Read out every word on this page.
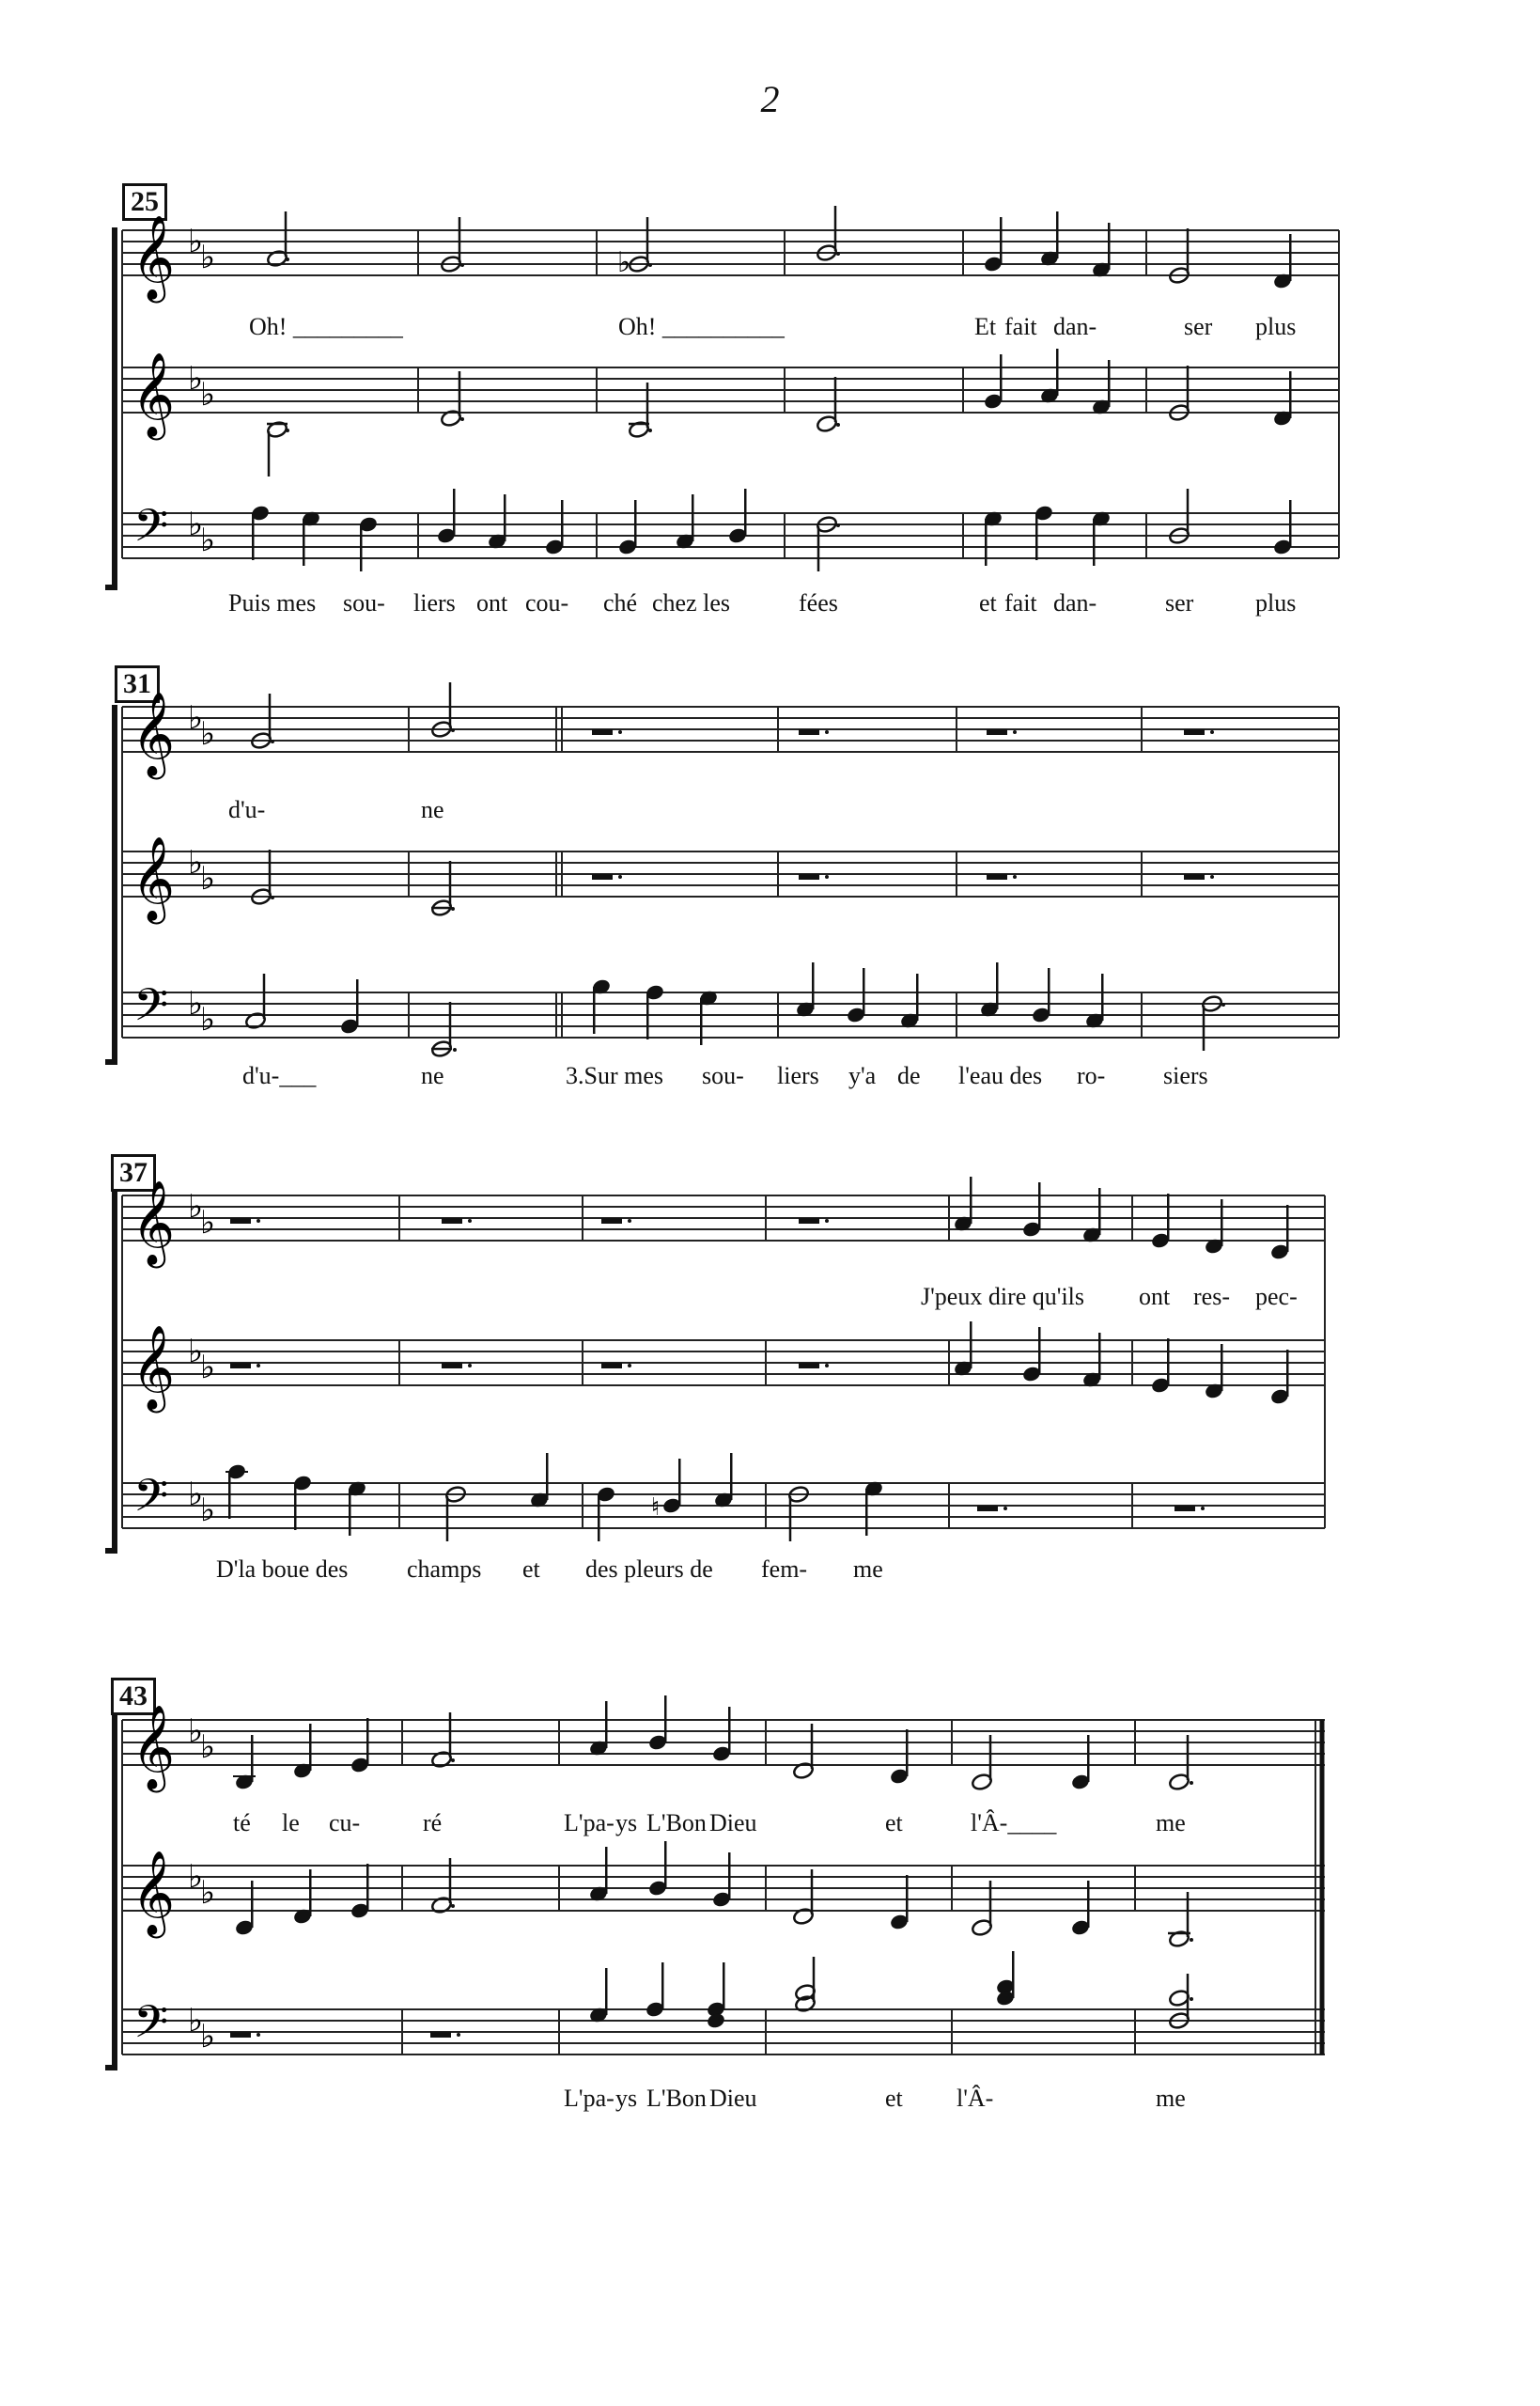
2
25
𝄞
𝄞
𝄢
♭
♭
♭
♭
♭
♭
♭
Oh! _________	Oh! __________	Et fait dan-	ser plus
Puis mes sou- liers ont cou- ché chez les	fées	et fait dan-	ser	plus
31
𝄞
𝄞
𝄢
♭
♭
♭
♭
♭
♭
d'u-	ne
d'u-___	ne	3.Sur mes sou- liers y'a de l'eau des ro- siers
37
𝄞
𝄞
𝄢
♭
♭
♭
♭
♭
♭	♮
J'peux dire qu'ils ont res- pec-
D'la boue des champs et des pleurs de fem- me
43
𝄞
𝄞
𝄢
♭
♭
♭
♭
♭
♭
té le cu-	ré	L'pa- ys L'Bon Dieu	et	l'Â-____	me
L'pa- ys L'Bon Dieu	et l'Â-	me
